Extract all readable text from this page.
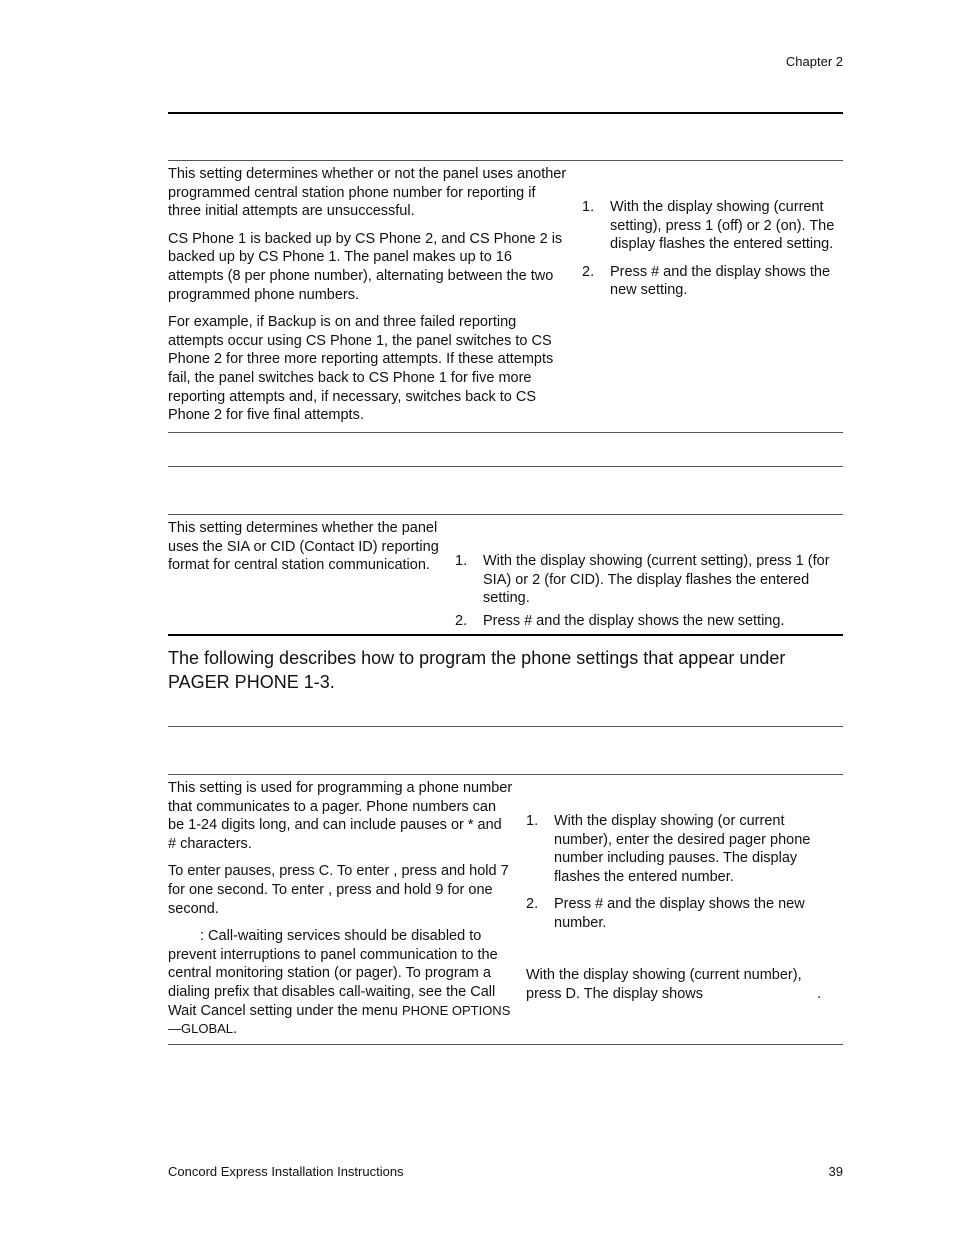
Chapter 2

This setting determines whether or not the panel uses another programmed central station phone number for reporting if three initial attempts are unsuccessful.

CS Phone 1 is backed up by CS Phone 2, and CS Phone 2 is backed up by CS Phone 1. The panel makes up to 16 attempts (8 per phone number), alternating between the two programmed phone numbers.

For example, if Backup is on and three failed reporting attempts occur using CS Phone 1, the panel switches to CS Phone 2 for three more reporting attempts. If these attempts fail, the panel switches back to CS Phone 1 for five more reporting attempts and, if necessary, switches back to CS Phone 2 for five final attempts.

1. With the display showing (current setting), press 1 (off) or 2 (on). The display flashes the entered setting.
2. Press # and the display shows the new setting.

This setting determines whether the panel uses the SIA or CID (Contact ID) reporting format for central station communication.	1. With the display showing (current setting), press 1 (for SIA) or 2 (for CID). The display flashes the entered setting.
2. Press # and the display shows the new setting.

The following describes how to program the phone settings that appear under PAGER PHONE 1-3.

This setting is used for programming a phone number that communicates to a pager. Phone numbers can be 1-24 digits long, and can include pauses or * and # characters.

To enter pauses, press C. To enter , press and hold 7 for one second. To enter , press and hold 9 for one second.

: Call-waiting services should be disabled to prevent interruptions to panel communication to the central monitoring station (or pager). To program a dialing prefix that disables call-waiting, see the Call Wait Cancel setting under the menu PHONE OPTIONS—GLOBAL.

1. With the display showing (or current number), enter the desired pager phone number including pauses. The display flashes the entered number.
2. Press # and the display shows the new number.

With the display showing (current number), press D. The display shows	.

Concord Express Installation Instructions	39
